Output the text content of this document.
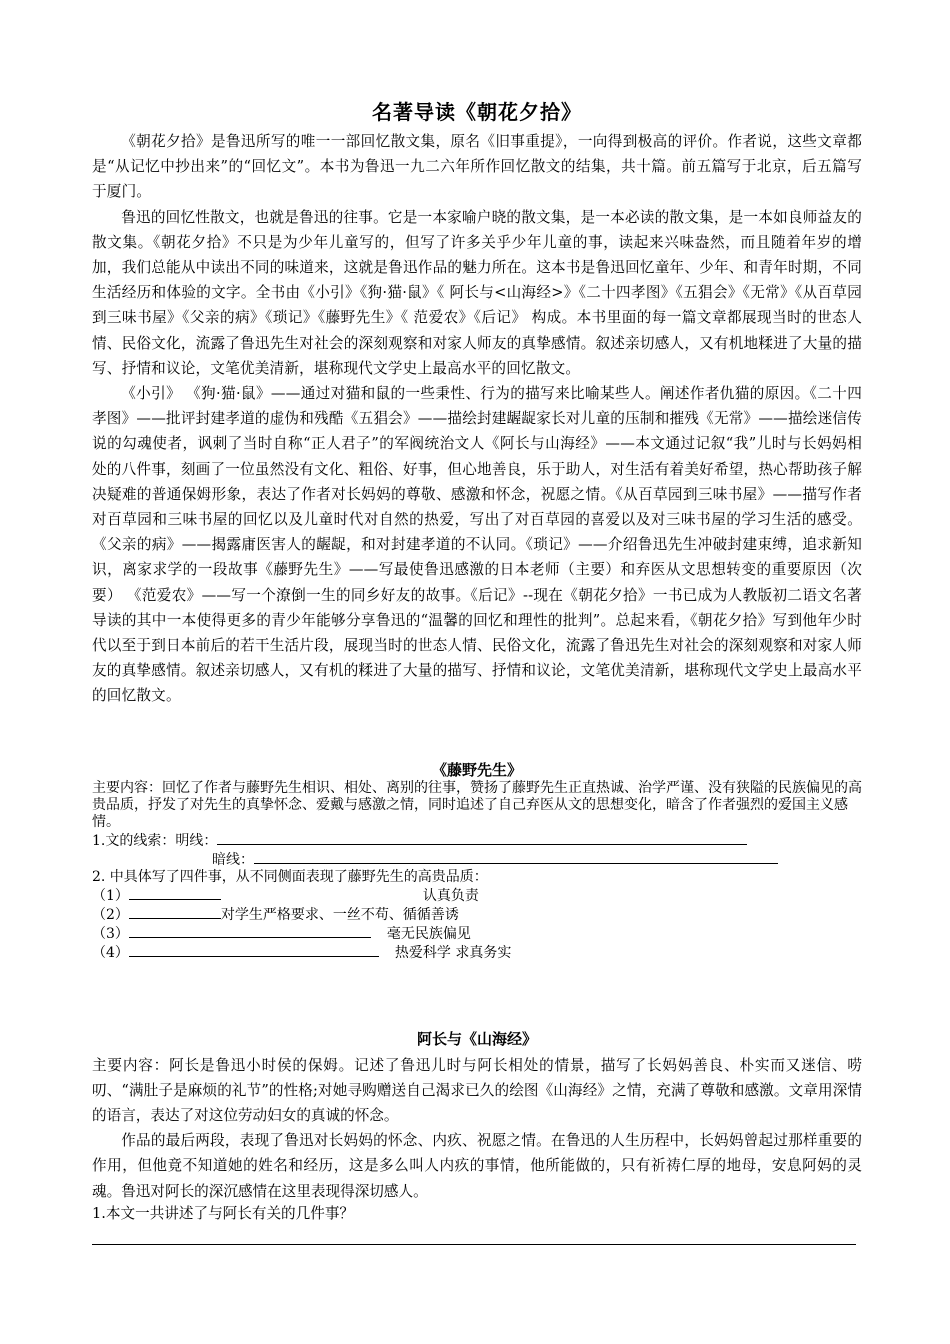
名著导读《朝花夕拾》

《朝花夕拾》是鲁迅所写的唯一一部回忆散文集，原名《旧事重提》，一向得到极高的评价。作者说，这些文章都是“从记忆中抄出来”的“回忆文”。本书为鲁迅一九二六年所作回忆散文的结集，共十篇。前五篇写于北京，后五篇写于厦门。

鲁迅的回忆性散文，也就是鲁迅的往事。它是一本家喻户晓的散文集，是一本必读的散文集，是一本如良师益友的散文集。《朝花夕拾》不只是为少年儿童写的，但写了许多关乎少年儿童的事，读起来兴味盎然，而且随着年岁的增加，我们总能从中读出不同的味道来，这就是鲁迅作品的魅力所在。这本书是鲁迅回忆童年、少年、和青年时期，不同生活经历和体验的文字。全书由《小引》《狗·猫·鼠》《 阿长与<山海经>》《二十四孝图》《五猖会》《无常》《从百草园到三味书屋》《父亲的病》《琐记》《藤野先生》《 范爱农》《后记》 构成。本书里面的每一篇文章都展现当时的世态人情、民俗文化，流露了鲁迅先生对社会的深刻观察和对家人师友的真挚感情。叙述亲切感人，又有机地糅进了大量的描写、抒情和议论，文笔优美清新，堪称现代文学史上最高水平的回忆散文。

《小引》 《狗·猫·鼠》——通过对猫和鼠的一些秉性、行为的描写来比喻某些人。阐述作者仇猫的原因。《二十四孝图》——批评封建孝道的虚伪和残酷《五猖会》——描绘封建龌龊家长对儿童的压制和摧残《无常》——描绘迷信传说的勾魂使者，讽刺了当时自称“正人君子”的军阀统治文人《阿长与山海经》——本文通过记叙“我”儿时与长妈妈相处的八件事，刻画了一位虽然没有文化、粗俗、好事，但心地善良，乐于助人，对生活有着美好希望，热心帮助孩子解决疑难的普通保姆形象，表达了作者对长妈妈的尊敬、感激和怀念，祝愿之情。《从百草园到三味书屋》——描写作者对百草园和三味书屋的回忆以及儿童时代对自然的热爱，写出了对百草园的喜爱以及对三味书屋的学习生活的感受。《父亲的病》——揭露庸医害人的龌龊，和对封建孝道的不认同。《琐记》——介绍鲁迅先生冲破封建束缚，追求新知识，离家求学的一段故事《藤野先生》——写最使鲁迅感激的日本老师（主要）和弃医从文思想转变的重要原因（次要） 《范爱农》——写一个潦倒一生的同乡好友的故事。《后记》--现在《朝花夕拾》一书已成为人教版初二语文名著导读的其中一本使得更多的青少年能够分享鲁迅的“温馨的回忆和理性的批判”。总起来看，《朝花夕拾》写到他年少时代以至于到日本前后的若干生活片段，展现当时的世态人情、民俗文化，流露了鲁迅先生对社会的深刻观察和对家人师友的真挚感情。叙述亲切感人，又有机的糅进了大量的描写、抒情和议论，文笔优美清新，堪称现代文学史上最高水平的回忆散文。

《藤野先生》

主要内容：回忆了作者与藤野先生相识、相处、离别的往事，赞扬了藤野先生正直热诚、治学严谨、没有狭隘的民族偏见的高贵品质，抒发了对先生的真挚怀念、爱戴与感激之情，同时追述了自己弃医从文的思想变化，暗含了作者强烈的爱国主义感情。

1.文的线索：明线：
暗线：
2. 中具体写了四件事，从不同侧面表现了藤野先生的高贵品质：
（1）	认真负责
（2）	对学生严格要求、一丝不苟、循循善诱
（3）	毫无民族偏见
（4）	热爱科学 求真务实
阿长与《山海经》

主要内容：阿长是鲁迅小时侯的保姆。记述了鲁迅儿时与阿长相处的情景，描写了长妈妈善良、朴实而又迷信、唠叨、“满肚子是麻烦的礼节”的性格;对她寻购赠送自己渴求已久的绘图《山海经》之情，充满了尊敬和感激。文章用深情的语言，表达了对这位劳动妇女的真诚的怀念。

作品的最后两段，表现了鲁迅对长妈妈的怀念、内疚、祝愿之情。在鲁迅的人生历程中，长妈妈曾起过那样重要的作用，但他竟不知道她的姓名和经历，这是多么叫人内疚的事情，他所能做的，只有祈祷仁厚的地母，安息阿妈的灵魂。鲁迅对阿长的深沉感情在这里表现得深切感人。

1.本文一共讲述了与阿长有关的几件事？
